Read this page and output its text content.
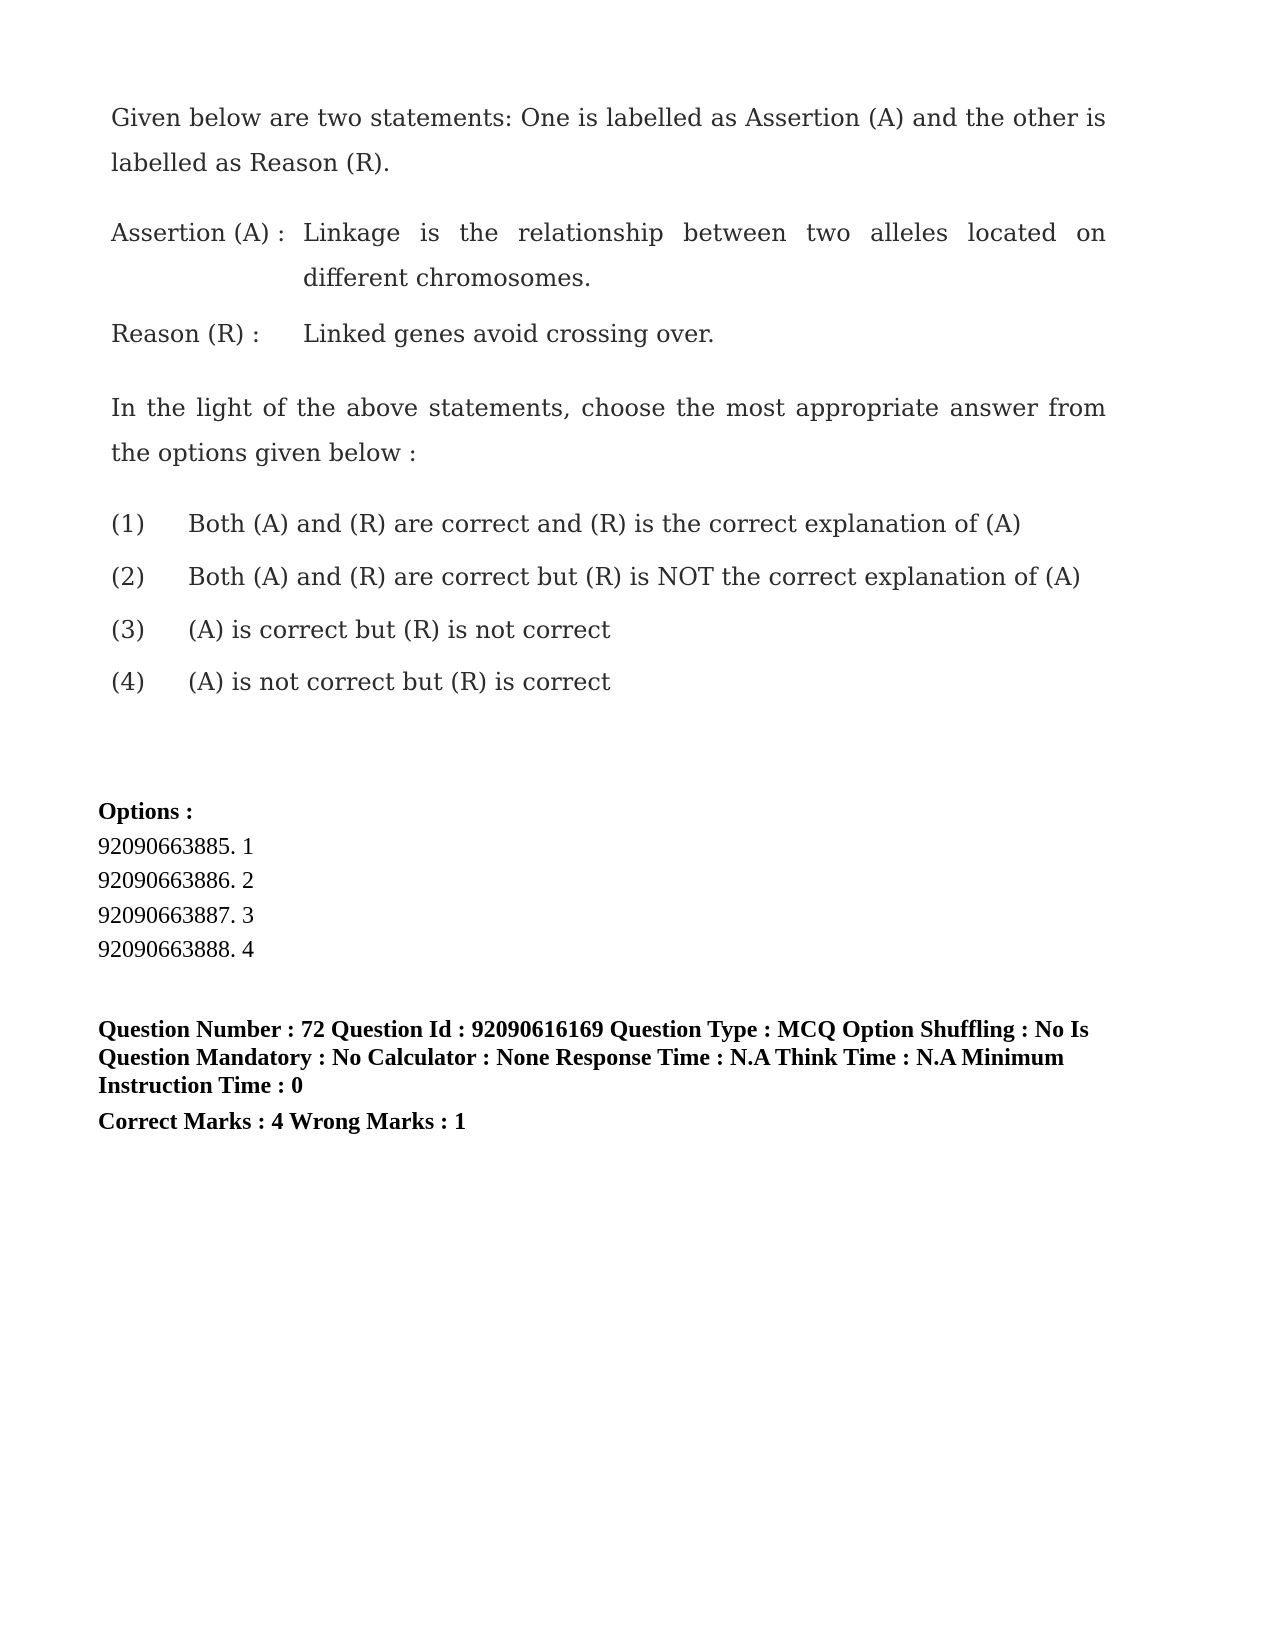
Given below are two statements: One is labelled as Assertion (A) and the other is labelled as Reason (R).
Assertion (A) : Linkage is the relationship between two alleles located on different chromosomes.
Reason (R) : Linked genes avoid crossing over.
In the light of the above statements, choose the most appropriate answer from the options given below :
(1) Both (A) and (R) are correct and (R) is the correct explanation of (A)
(2) Both (A) and (R) are correct but (R) is NOT the correct explanation of (A)
(3) (A) is correct but (R) is not correct
(4) (A) is not correct but (R) is correct
Options :
92090663885. 1
92090663886. 2
92090663887. 3
92090663888. 4
Question Number : 72 Question Id : 92090616169 Question Type : MCQ Option Shuffling : No Is Question Mandatory : No Calculator : None Response Time : N.A Think Time : N.A Minimum Instruction Time : 0
Correct Marks : 4 Wrong Marks : 1
